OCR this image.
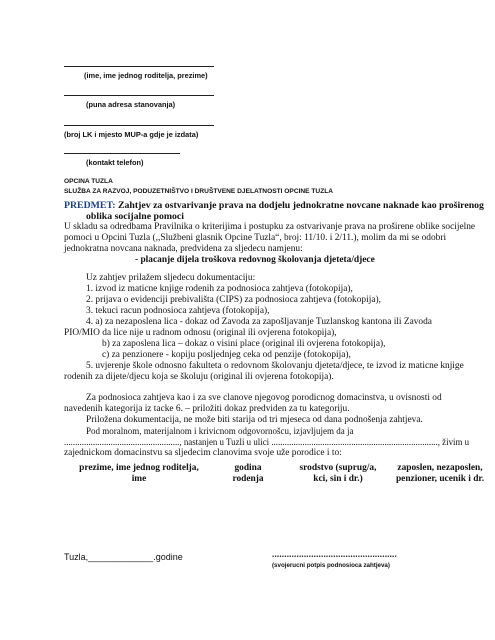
(ime, ime jednog roditelja, prezime)
(puna adresa stanovanja)
(broj LK i mjesto MUP-a gdje je izdata)
(kontakt telefon)
OPCINA TUZLA
SLUŽBA ZA RAZVOJ, PODUZETNIŠTVO I DRUŠTVENE DJELATNOSTI OPCINE TUZLA
PREDMET: Zahtjev za ostvarivanje prava na dodjelu jednokratne novcane naknade kao proširenog
oblika socijalne pomoci
U skladu sa odredbama Pravilnika o kriterijima i postupku za ostvarivanje prava na proširene oblike socijelne
pomoci u Opcini Tuzla (,,Službeni glasnik Opcine Tuzla“, broj: 11/10. i 2/11.), molim da mi se odobri
jednokratna novcana naknada, predvidena za sljedecu namjenu:
- placanje dijela troškova redovnog školovanja djeteta/djece
Uz zahtjev prilažem sljedecu dokumentaciju:
1. izvod iz maticne knjige rodenih za podnosioca zahtjeva (fotokopija),
2. prijava o evidenciji prebivališta (CIPS) za podnosioca zahtjeva (fotokopija),
3. tekuci racun podnosioca zahtjeva (fotokopija),
4. a) za nezaposlena lica - dokaz od Zavoda za zapošljavanje Tuzlanskog kantona ili Zavoda
PIO/MIO da lice nije u radnom odnosu (original ili ovjerena fotokopija),
b) za zaposlena lica – dokaz o visini place (original ili ovjerena fotokopija),
c) za penzionere - kopiju posljednjeg ceka od penzije (fotokopija),
5. uvjerenje škole odnosno fakulteta o redovnom školovanju djeteta/djece, te izvod iz maticne knjige
rodenih za dijete/djecu koja se školuju (original ili ovjerena fotokopija).
Za podnosioca zahtjeva kao i za sve clanove njegovog porodicnog domacinstva, u ovisnosti od
navedenih kategorija iz tacke 6. – priložiti dokaz predviden za tu kategoriju.
Priložena dokumentacija, ne može biti starija od tri mjeseca od dana podnošenja zahtjeva.
Pod moralnom, materijalnom i krivicnom odgovornošcu, izjavljujem da ja
...................................................., nastanjen u Tuzli u ulici ..........................................................................., živim u
zajednickom domacinstvu sa sljedecim clanovima svoje uže porodice i to:
prezime, ime jednog roditelja,
ime
godina
rodenja
srodstvo (suprug/a,
kci, sin i dr.)
zaposlen, nezaposlen,
penzioner, ucenik i dr.
Tuzla,_____________.godine	...................................................
(svojerucni potpis podnosioca zahtjeva)
